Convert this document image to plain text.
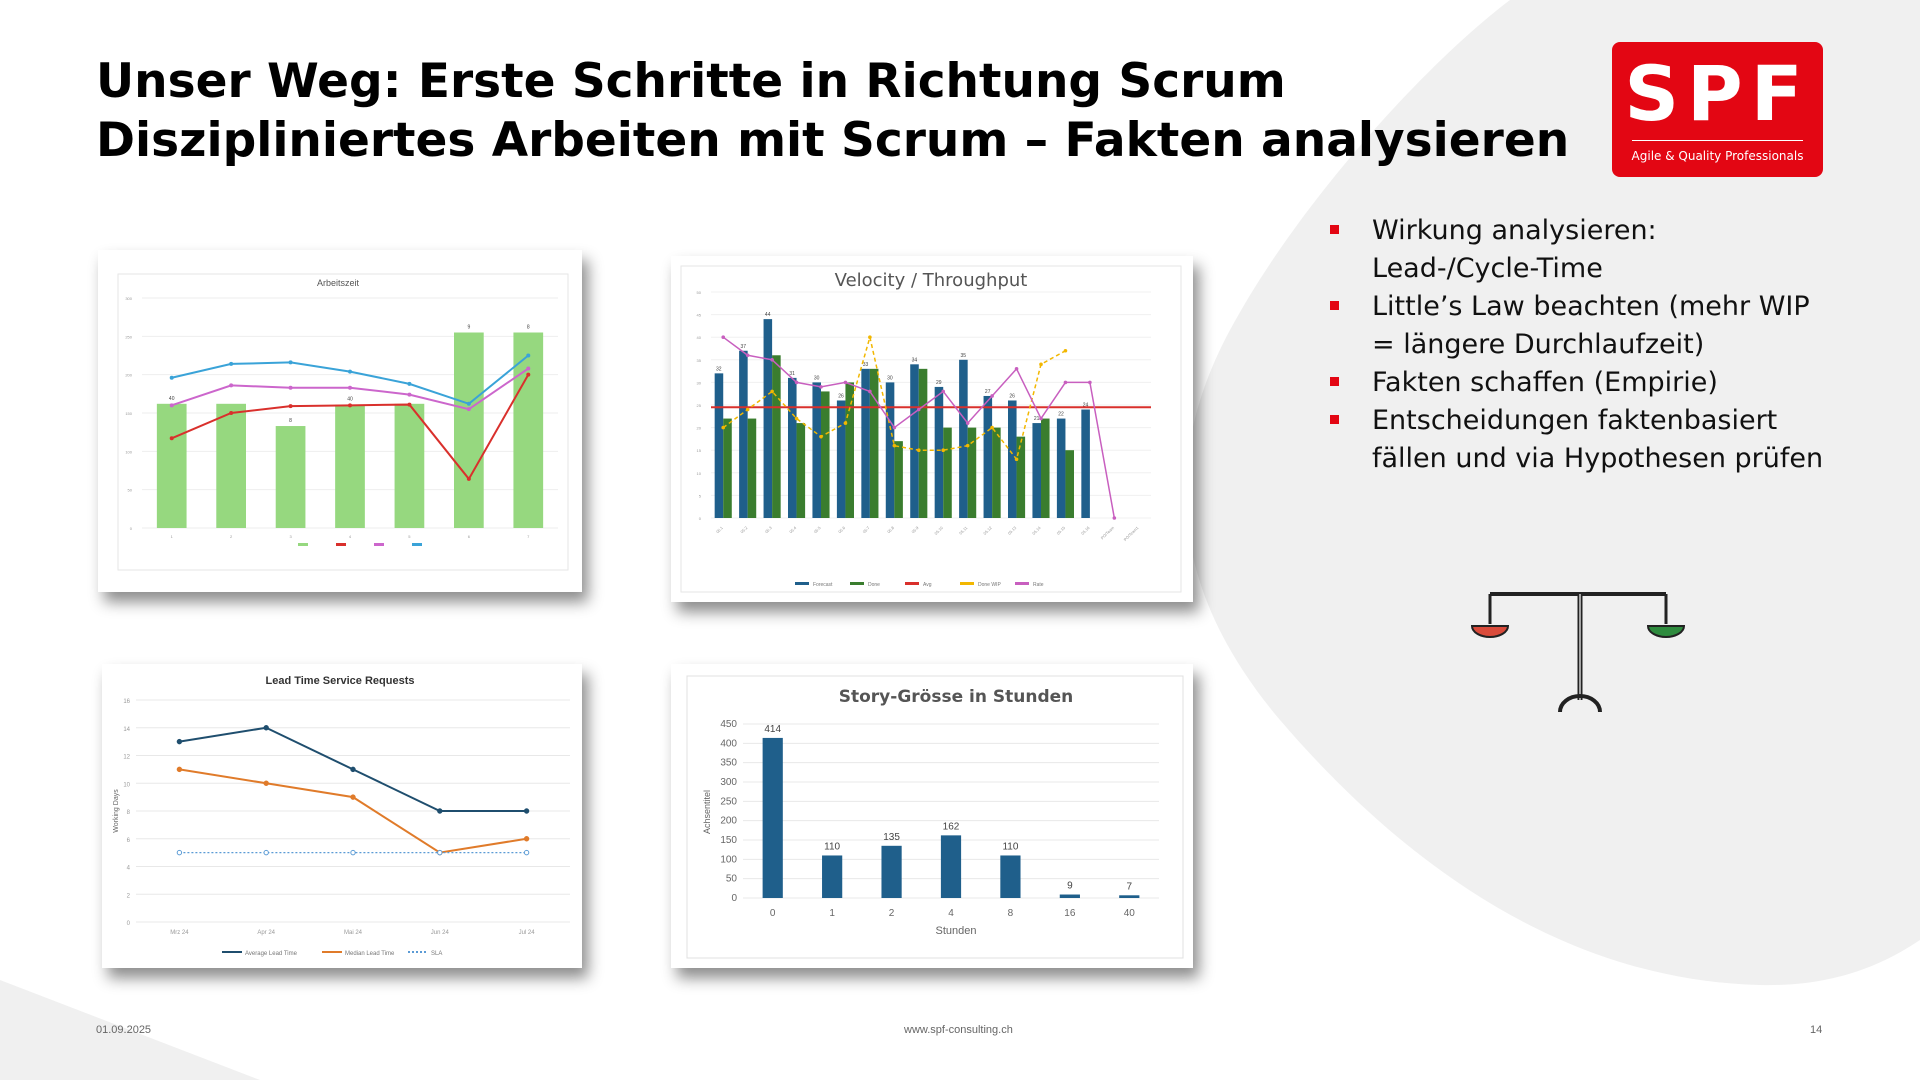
Unser Weg: Erste Schritte in Richtung Scrum
Diszipliniertes Arbeiten mit Scrum – Fakten analysieren
SPF
Agile & Quality Professionals
Wirkung analysieren: Lead-/Cycle-Time
Little’s Law beachten (mehr WIP = längere Durchlaufzeit)
Fakten schaffen (Empirie)
Entscheidungen faktenbasiert fällen und via Hypothesen prüfen
Arbeitszeit
0
50
100
150
200
250
300
40
8
40
9	8
1	2	3	4	5	6	7
Velocity / Throughput
0
5
10
15
20
25
30
35
40
45
50
32
37
44
31
30
26
33
30
34
29
35
27
26
21
22
24
05.1	05.2	05.3	05.4	05.5	05.6	05.7	05.8	05.9	05.10	05.11	05.12	05.13	05.14	05.15	05.16 PO/Team PO/Team1
Forecast	Done	Avg	Done WIP	Rate
Lead Time Service Requests
0
2
4
6
8
10
12
14
16
Working Days
Mrz 24	Apr 24	Mai 24	Jun 24	Jul 24
Average Lead Time	Median Lead Time	SLA
Story-Grösse in Stunden
0
50
100
150
200
250
300
350
400
450
Achsentitel
414
0
110
1
135
2
162
4
110
8
9
16
7
40
Stunden
01.09.2025	www.spf-consulting.ch	14
